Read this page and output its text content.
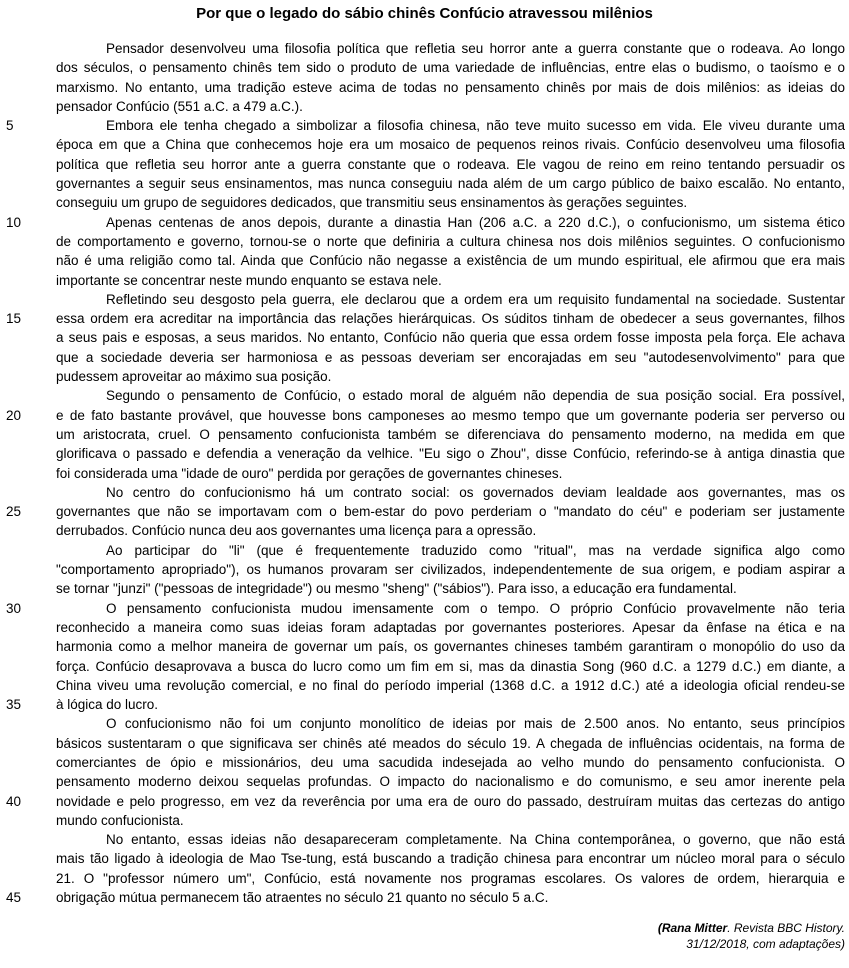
Por que o legado do sábio chinês Confúcio atravessou milênios
Pensador desenvolveu uma filosofia política que refletia seu horror ante a guerra constante que o rodeava. Ao longo
dos séculos, o pensamento chinês tem sido o produto de uma variedade de influências, entre elas o budismo, o taoísmo e o
marxismo. No entanto, uma tradição esteve acima de todas no pensamento chinês por mais de dois milênios: as ideias do
pensador Confúcio (551 a.C. a 479 a.C.).
5	Embora ele tenha chegado a simbolizar a filosofia chinesa, não teve muito sucesso em vida. Ele viveu durante uma
época em que a China que conhecemos hoje era um mosaico de pequenos reinos rivais. Confúcio desenvolveu uma filosofia
política que refletia seu horror ante a guerra constante que o rodeava. Ele vagou de reino em reino tentando persuadir os
governantes a seguir seus ensinamentos, mas nunca conseguiu nada além de um cargo público de baixo escalão. No entanto,
conseguiu um grupo de seguidores dedicados, que transmitiu seus ensinamentos às gerações seguintes.
10	Apenas centenas de anos depois, durante a dinastia Han (206 a.C. a 220 d.C.), o confucionismo, um sistema ético
de comportamento e governo, tornou-se o norte que definiria a cultura chinesa nos dois milênios seguintes. O confucionismo
não é uma religião como tal. Ainda que Confúcio não negasse a existência de um mundo espiritual, ele afirmou que era mais
importante se concentrar neste mundo enquanto se estava nele.
Refletindo seu desgosto pela guerra, ele declarou que a ordem era um requisito fundamental na sociedade. Sustentar
15	essa ordem era acreditar na importância das relações hierárquicas. Os súditos tinham de obedecer a seus governantes, filhos
a seus pais e esposas, a seus maridos. No entanto, Confúcio não queria que essa ordem fosse imposta pela força. Ele achava
que a sociedade deveria ser harmoniosa e as pessoas deveriam ser encorajadas em seu "autodesenvolvimento" para que
pudessem aproveitar ao máximo sua posição.
Segundo o pensamento de Confúcio, o estado moral de alguém não dependia de sua posição social. Era possível,
20	e de fato bastante provável, que houvesse bons camponeses ao mesmo tempo que um governante poderia ser perverso ou
um aristocrata, cruel. O pensamento confucionista também se diferenciava do pensamento moderno, na medida em que
glorificava o passado e defendia a veneração da velhice. "Eu sigo o Zhou", disse Confúcio, referindo-se à antiga dinastia que
foi considerada uma "idade de ouro" perdida por gerações de governantes chineses.
No centro do confucionismo há um contrato social: os governados deviam lealdade aos governantes, mas os
25	governantes que não se importavam com o bem-estar do povo perderiam o "mandato do céu" e poderiam ser justamente
derrubados. Confúcio nunca deu aos governantes uma licença para a opressão.
Ao participar do "li" (que é frequentemente traduzido como "ritual", mas na verdade significa algo como
"comportamento apropriado"), os humanos provaram ser civilizados, independentemente de sua origem, e podiam aspirar a
se tornar "junzi" ("pessoas de integridade") ou mesmo "sheng" ("sábios"). Para isso, a educação era fundamental.
30	O pensamento confucionista mudou imensamente com o tempo. O próprio Confúcio provavelmente não teria
reconhecido a maneira como suas ideias foram adaptadas por governantes posteriores. Apesar da ênfase na ética e na
harmonia como a melhor maneira de governar um país, os governantes chineses também garantiram o monopólio do uso da
força. Confúcio desaprovava a busca do lucro como um fim em si, mas da dinastia Song (960 d.C. a 1279 d.C.) em diante, a
China viveu uma revolução comercial, e no final do período imperial (1368 d.C. a 1912 d.C.) até a ideologia oficial rendeu-se
35	à lógica do lucro.
O confucionismo não foi um conjunto monolítico de ideias por mais de 2.500 anos. No entanto, seus princípios
básicos sustentaram o que significava ser chinês até meados do século 19. A chegada de influências ocidentais, na forma de
comerciantes de ópio e missionários, deu uma sacudida indesejada ao velho mundo do pensamento confucionista. O
pensamento moderno deixou sequelas profundas. O impacto do nacionalismo e do comunismo, e seu amor inerente pela
40	novidade e pelo progresso, em vez da reverência por uma era de ouro do passado, destruíram muitas das certezas do antigo
mundo confucionista.
No entanto, essas ideias não desapareceram completamente. Na China contemporânea, o governo, que não está
mais tão ligado à ideologia de Mao Tse-tung, está buscando a tradição chinesa para encontrar um núcleo moral para o século
21. O "professor número um", Confúcio, está novamente nos programas escolares. Os valores de ordem, hierarquia e
45	obrigação mútua permanecem tão atraentes no século 21 quanto no século 5 a.C.
(Rana Mitter. Revista BBC History.
31/12/2018, com adaptações)
